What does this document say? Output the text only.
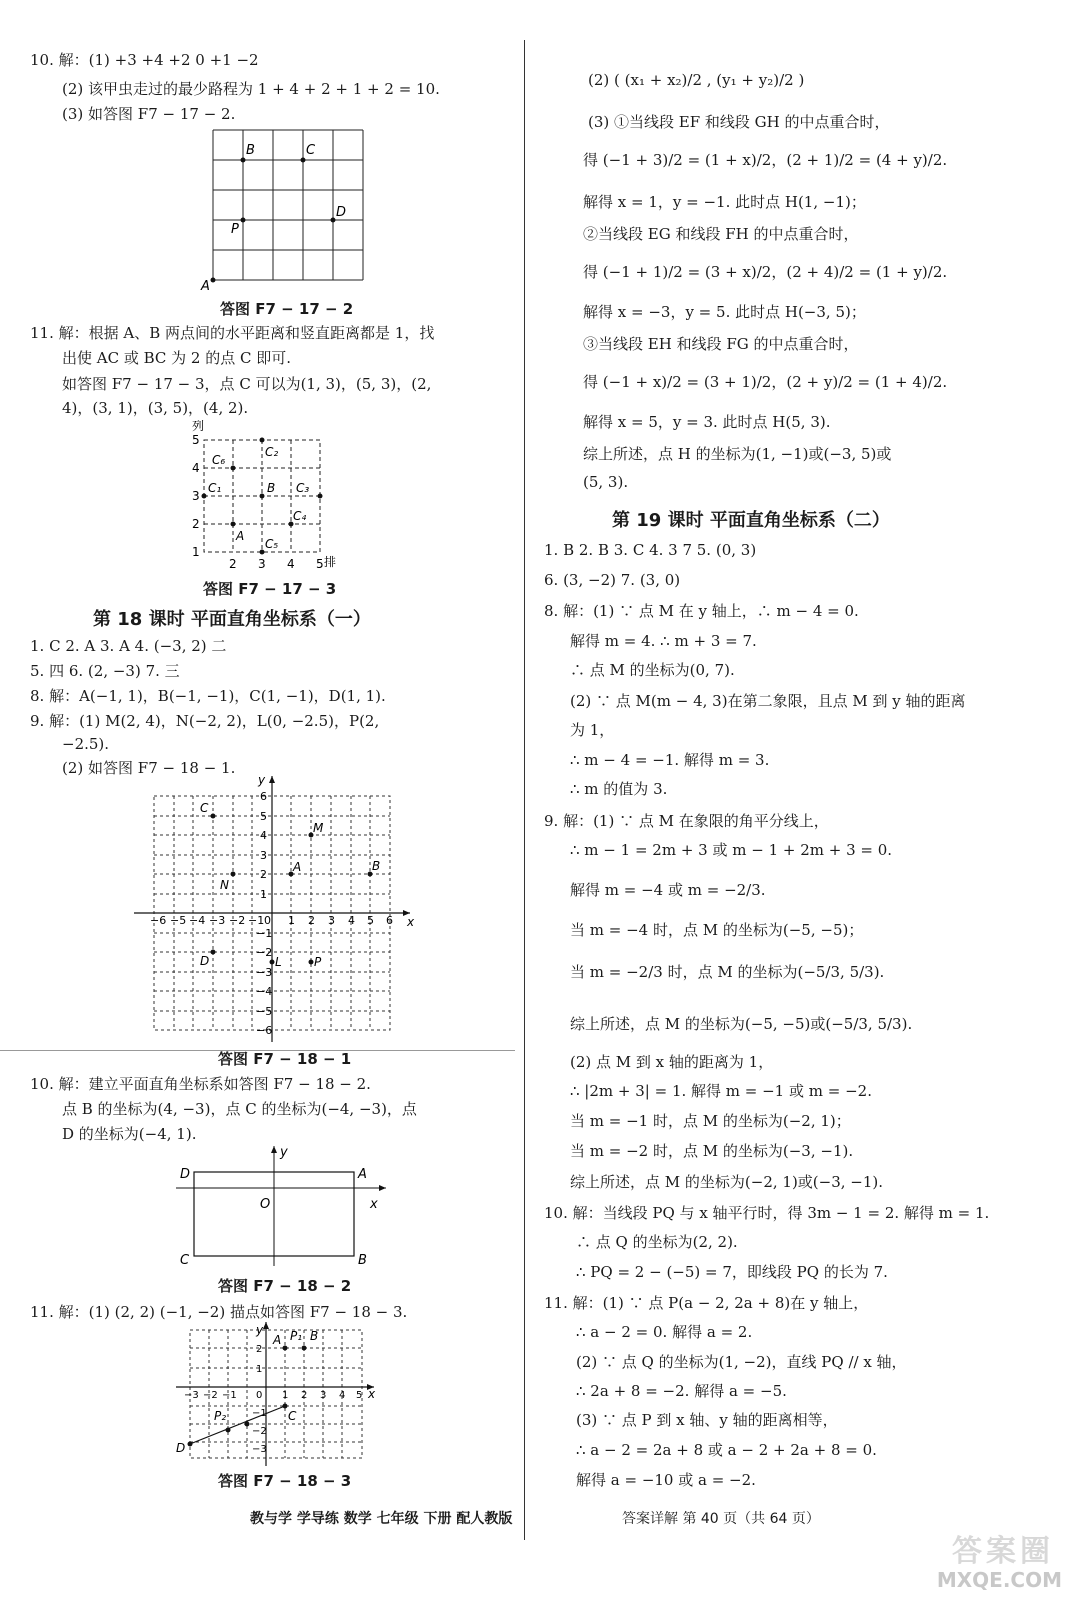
10. 解：(1) +3 +4 +2 0 +1 −2
(2) 该甲虫走过的最少路程为 1 + 4 + 2 + 1 + 2 = 10.
(3) 如答图 F7 − 17 − 2.
B	C
D
P
A
答图 F7 − 17 − 2
11. 解：根据 A、B 两点间的水平距离和竖直距离都是 1，找
出使 AC 或 BC 为 2 的点 C 即可.
如答图 F7 − 17 − 3，点 C 可以为(1, 3)，(5, 3)，(2,
4)，(3, 1)，(3, 5)，(4, 2).
列
排
5
4
3
2
1
2 3 4 5
C₁
C₂
C₃
C₄
C₅
C₆
A
B
答图 F7 − 17 − 3
第 18 课时 平面直角坐标系（一）
1. C 2. A 3. A 4. (−3, 2) 二
5. 四 6. (2, −3) 7. 三
8. 解：A(−1, 1)，B(−1, −1)，C(1, −1)，D(1, 1).
9. 解：(1) M(2, 4)，N(−2, 2)，L(0, −2.5)，P(2,
−2.5).
(2) 如答图 F7 − 18 − 1.
x
y
−6 −5 −4 −3 −2 −1 0 1 2 3 4 5 6
6
5
4
3
2
1
−1
−2
−3
−4
−5
−6
C
M
N
A	B
D	L	P
答图 F7 − 18 − 1
10. 解：建立平面直角坐标系如答图 F7 − 18 − 2.
点 B 的坐标为(4, −3)，点 C 的坐标为(−4, −3)，点
D 的坐标为(−4, 1).
D	A
O	x
y
C	B
答图 F7 − 18 − 2
11. 解：(1) (2, 2) (−1, −2) 描点如答图 F7 − 18 − 3.
y
A P₁ B
x
P₂	C
D
−3 −2 −1 0 1 2 3 4 5
2
1
−1
−2
−3
答图 F7 − 18 − 3
(2) ( (x₁ + x₂)/2 , (y₁ + y₂)/2 )
(3) ①当线段 EF 和线段 GH 的中点重合时，
得 (−1 + 3)/2 = (1 + x)/2，(2 + 1)/2 = (4 + y)/2.
解得 x = 1，y = −1. 此时点 H(1, −1)；
②当线段 EG 和线段 FH 的中点重合时，
得 (−1 + 1)/2 = (3 + x)/2，(2 + 4)/2 = (1 + y)/2.
解得 x = −3，y = 5. 此时点 H(−3, 5)；
③当线段 EH 和线段 FG 的中点重合时，
得 (−1 + x)/2 = (3 + 1)/2，(2 + y)/2 = (1 + 4)/2.
解得 x = 5，y = 3. 此时点 H(5, 3).
综上所述，点 H 的坐标为(1, −1)或(−3, 5)或
(5, 3).
第 19 课时 平面直角坐标系（二）
1. B 2. B 3. C 4. 3 7 5. (0, 3)
6. (3, −2) 7. (3, 0)
8. 解：(1) ∵ 点 M 在 y 轴上，∴ m − 4 = 0.
解得 m = 4. ∴ m + 3 = 7.
∴ 点 M 的坐标为(0, 7).
(2) ∵ 点 M(m − 4, 3)在第二象限，且点 M 到 y 轴的距离
为 1，
∴ m − 4 = −1. 解得 m = 3.
∴ m 的值为 3.
9. 解：(1) ∵ 点 M 在象限的角平分线上，
∴ m − 1 = 2m + 3 或 m − 1 + 2m + 3 = 0.
解得 m = −4 或 m = −2/3.
当 m = −4 时，点 M 的坐标为(−5, −5)；
当 m = −2/3 时，点 M 的坐标为(−5/3, 5/3).
综上所述，点 M 的坐标为(−5, −5)或(−5/3, 5/3).
(2) 点 M 到 x 轴的距离为 1，
∴ |2m + 3| = 1. 解得 m = −1 或 m = −2.
当 m = −1 时，点 M 的坐标为(−2, 1)；
当 m = −2 时，点 M 的坐标为(−3, −1).
综上所述，点 M 的坐标为(−2, 1)或(−3, −1).
10. 解：当线段 PQ 与 x 轴平行时，得 3m − 1 = 2. 解得 m = 1.
∴ 点 Q 的坐标为(2, 2).
∴ PQ = 2 − (−5) = 7，即线段 PQ 的长为 7.
11. 解：(1) ∵ 点 P(a − 2, 2a + 8)在 y 轴上，
∴ a − 2 = 0. 解得 a = 2.
(2) ∵ 点 Q 的坐标为(1, −2)，直线 PQ // x 轴，
∴ 2a + 8 = −2. 解得 a = −5.
(3) ∵ 点 P 到 x 轴、y 轴的距离相等，
∴ a − 2 = 2a + 8 或 a − 2 + 2a + 8 = 0.
解得 a = −10 或 a = −2.
教与学 学导练 数学 七年级 下册 配人教版	答案详解 第 40 页（共 64 页）
答案圈
MXQE.COM
